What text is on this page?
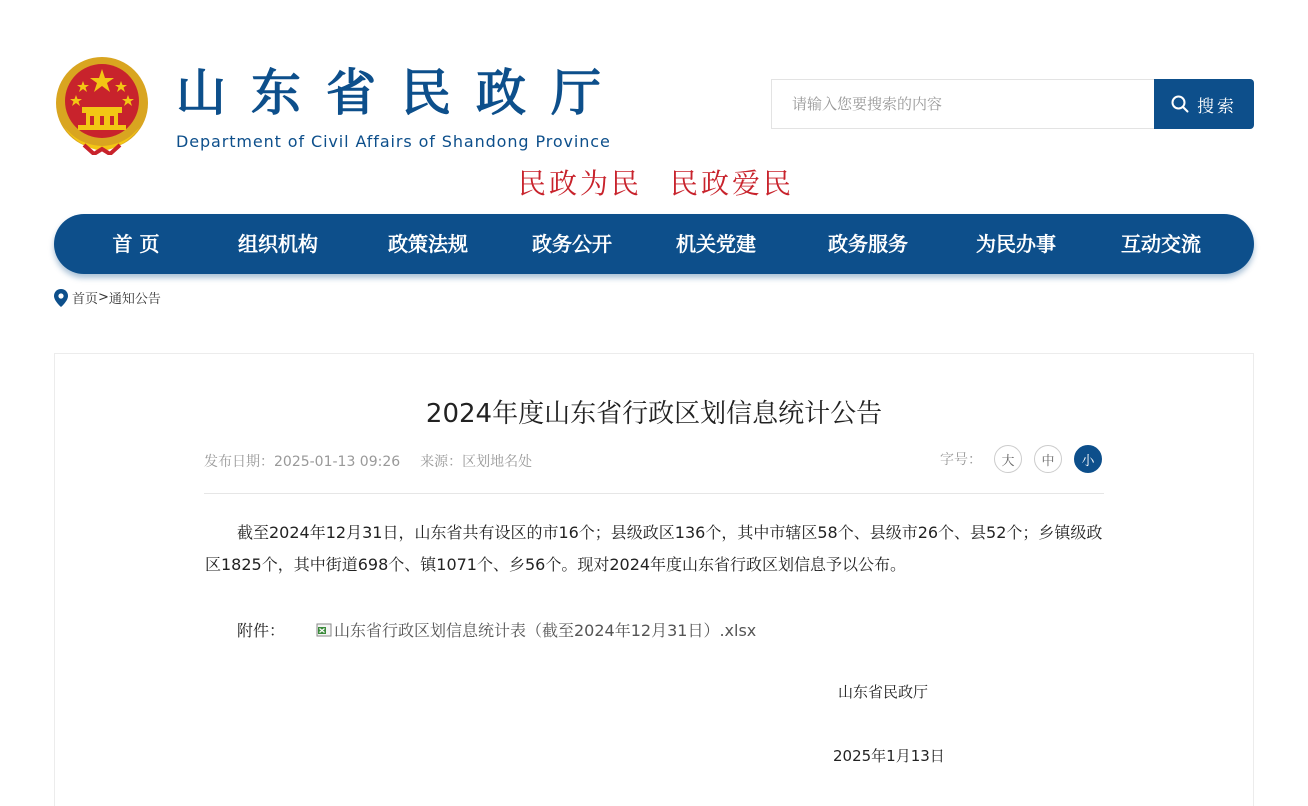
山东省民政厅
Department of Civil Affairs of Shandong Province
民政为民 民政爱民
请输入您要搜索的内容
搜索
首 页	组织机构	政策法规	政务公开	机关党建	政务服务	为民办事	互动交流
首页 > 通知公告
2024年度山东省行政区划信息统计公告
发布日期：2025-01-13 09:26 来源：区划地名处	字号：	大	中	小
截至2024年12月31日，山东省共有设区的市16个；县级政区136个，其中市辖区58个、县级市26个、县52个；乡镇级政区1825个，其中街道698个、镇1071个、乡56个。现对2024年度山东省行政区划信息予以公布。
附件：	山东省行政区划信息统计表（截至2024年12月31日）.xlsx
山东省民政厅
2025年1月13日
